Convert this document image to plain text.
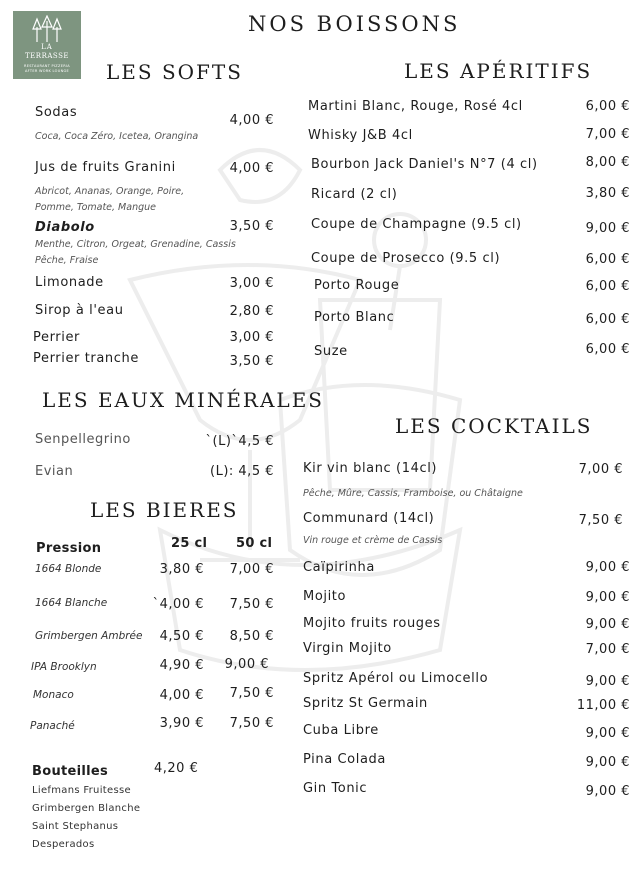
LA
TERRASSE
RESTAURANT PIZZERIA
AFTER WORK LOUNGE
NOS BOISSONS
LES SOFTS
Sodas
Coca, Coca Zéro, Icetea, Orangina
4,00 €
Jus de fruits Granini
Abricot, Ananas, Orange, Poire,
Pomme, Tomate, Mangue
4,00 €
Diabolo
Menthe, Citron, Orgeat, Grenadine, Cassis
Pêche, Fraise
3,50 €
Limonade	3,00 €
Sirop à l'eau	2,80 €
Perrier	3,00 €
Perrier tranche	3,50 €
LES EAUX MINÉRALES
Senpellegrino	`(L)`4,5 €
Evian	(L): 4,5 €
LES BIERES
Pression	25 cl 50 cl
1664 Blonde	3,80 € 7,00 €
1664 Blanche	`4,00 € 7,50 €
Grimbergen Ambrée 4,50 € 8,50 €
IPA Brooklyn	4,90 € 9,00 €
Monaco	4,00 € 7,50 €
Panaché	3,90 € 7,50 €
Bouteilles	4,20 €
Liefmans Fruitesse
Grimbergen Blanche
Saint Stephanus
Desperados
LES APÉRITIFS
Martini Blanc, Rouge, Rosé 4cl	6,00 €
Whisky J&B 4cl	7,00 €
Bourbon Jack Daniel's N°7 (4 cl)	8,00 €
Ricard (2 cl)	3,80 €
Coupe de Champagne (9.5 cl)	9,00 €
Coupe de Prosecco (9.5 cl)	6,00 €
Porto Rouge	6,00 €
Porto Blanc	6,00 €
Suze	6,00 €
LES COCKTAILS
Kir vin blanc (14cl)
Pêche, Mûre, Cassis, Framboise, ou Châtaigne
7,00 €
Communard (14cl)
Vin rouge et crème de Cassis
7,50 €
Caïpirinha	9,00 €
Mojito	9,00 €
Mojito fruits rouges	9,00 €
Virgin Mojito	7,00 €
Spritz Apérol ou Limocello	9,00 €
Spritz St Germain	11,00 €
Cuba Libre	9,00 €
Pina Colada	9,00 €
Gin Tonic	9,00 €
